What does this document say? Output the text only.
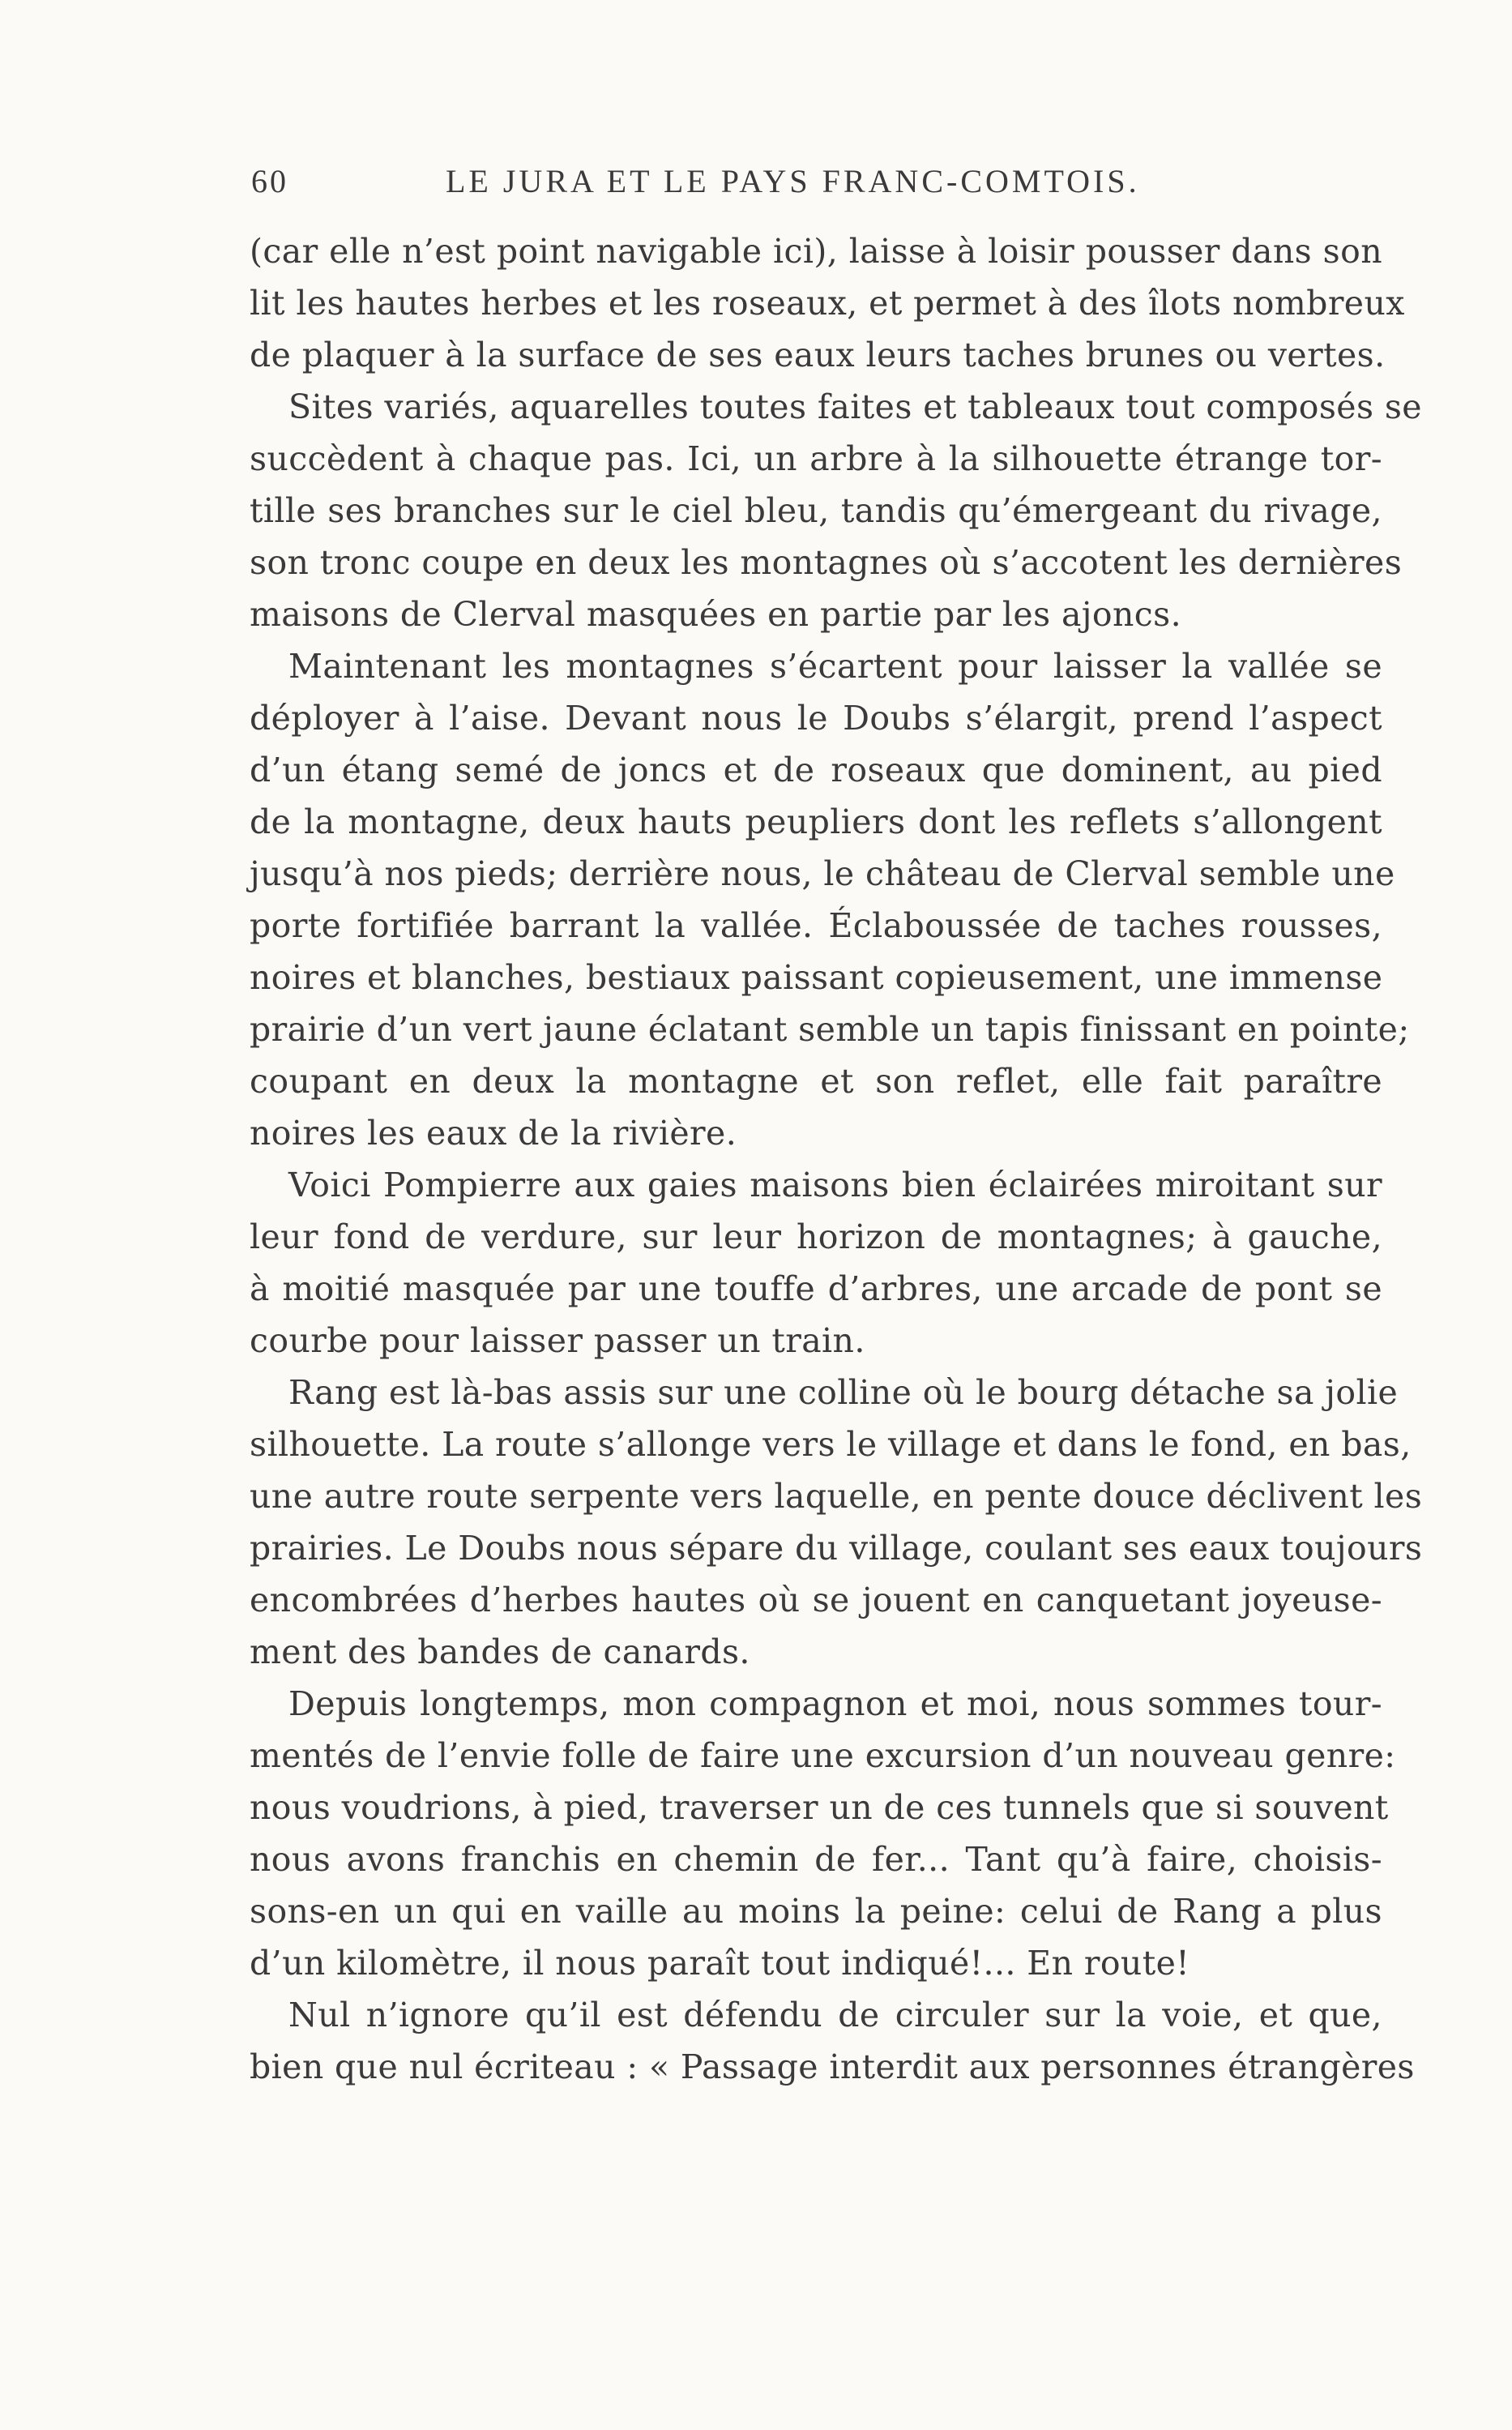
60	LE JURA ET LE PAYS FRANC-COMTOIS.
(car elle n’est point navigable ici), laisse à loisir pousser dans son
lit les hautes herbes et les roseaux, et permet à des îlots nombreux
de plaquer à la surface de ses eaux leurs taches brunes ou vertes.
Sites variés, aquarelles toutes faites et tableaux tout composés se
succèdent à chaque pas. Ici, un arbre à la silhouette étrange tor-
tille ses branches sur le ciel bleu, tandis qu’émergeant du rivage,
son tronc coupe en deux les montagnes où s’accotent les dernières
maisons de Clerval masquées en partie par les ajoncs.
Maintenant les montagnes s’écartent pour laisser la vallée se
déployer à l’aise. Devant nous le Doubs s’élargit, prend l’aspect
d’un étang semé de joncs et de roseaux que dominent, au pied
de la montagne, deux hauts peupliers dont les reflets s’allongent
jusqu’à nos pieds; derrière nous, le château de Clerval semble une
porte fortifiée barrant la vallée. Éclaboussée de taches rousses,
noires et blanches, bestiaux paissant copieusement, une immense
prairie d’un vert jaune éclatant semble un tapis finissant en pointe;
coupant en deux la montagne et son reflet, elle fait paraître
noires les eaux de la rivière.
Voici Pompierre aux gaies maisons bien éclairées miroitant sur
leur fond de verdure, sur leur horizon de montagnes; à gauche,
à moitié masquée par une touffe d’arbres, une arcade de pont se
courbe pour laisser passer un train.
Rang est là-bas assis sur une colline où le bourg détache sa jolie
silhouette. La route s’allonge vers le village et dans le fond, en bas,
une autre route serpente vers laquelle, en pente douce déclivent les
prairies. Le Doubs nous sépare du village, coulant ses eaux toujours
encombrées d’herbes hautes où se jouent en canquetant joyeuse-
ment des bandes de canards.
Depuis longtemps, mon compagnon et moi, nous sommes tour-
mentés de l’envie folle de faire une excursion d’un nouveau genre:
nous voudrions, à pied, traverser un de ces tunnels que si souvent
nous avons franchis en chemin de fer... Tant qu’à faire, choisis-
sons-en un qui en vaille au moins la peine: celui de Rang a plus
d’un kilomètre, il nous paraît tout indiqué!... En route!
Nul n’ignore qu’il est défendu de circuler sur la voie, et que,
bien que nul écriteau : « Passage interdit aux personnes étrangères
